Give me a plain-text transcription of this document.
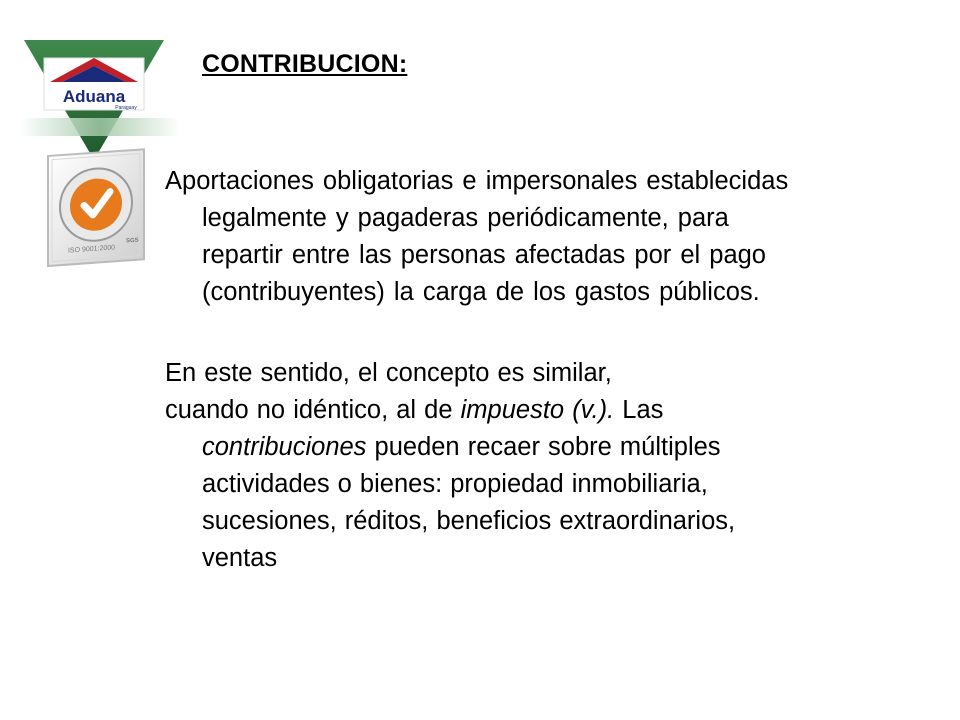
Aduana
Paraguay
ISO 9001:2000
SGS
CONTRIBUCION:
Aportaciones obligatorias e impersonales establecidas
legalmente y pagaderas periódicamente, para
repartir entre las personas afectadas por el pago
(contribuyentes) la carga de los gastos públicos.
En este sentido, el concepto es similar,
cuando no idéntico, al de impuesto (v.). Las
contribuciones pueden recaer sobre múltiples
actividades o bienes: propiedad inmobiliaria,
sucesiones, réditos, beneficios extraordinarios,
ventas
